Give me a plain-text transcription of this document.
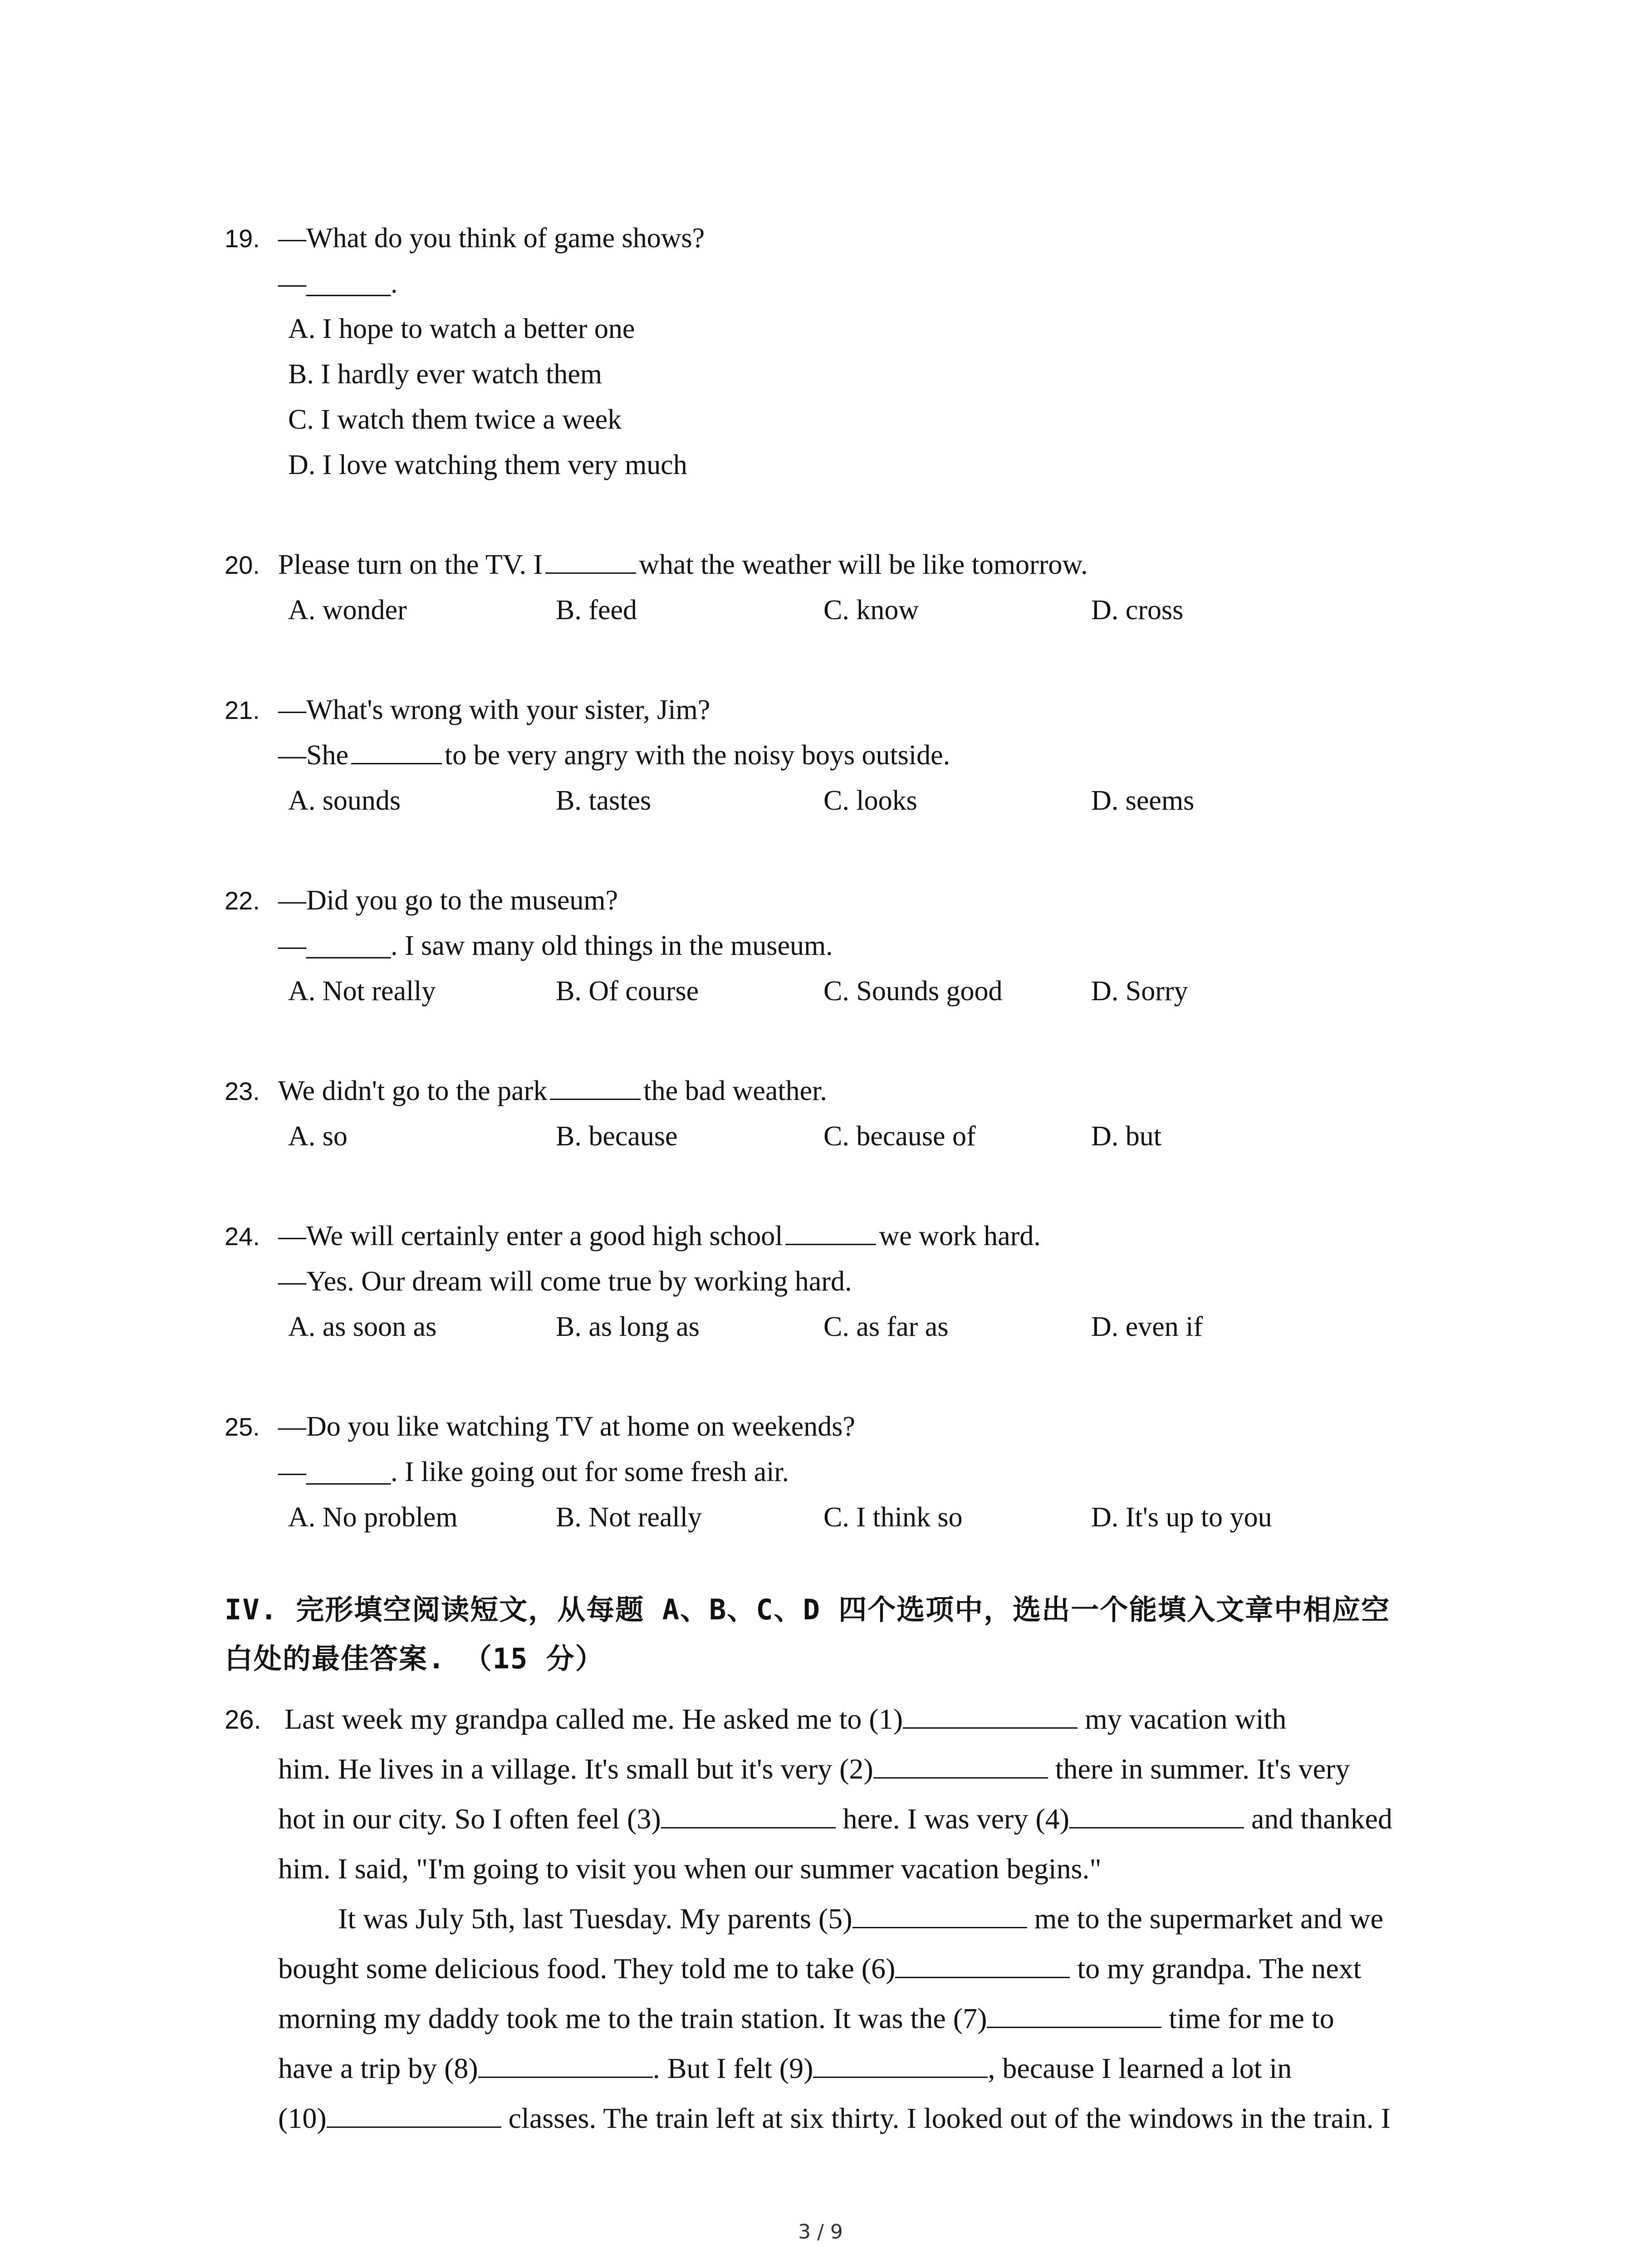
19. —What do you think of game shows?
—______.
A. I hope to watch a better one
B. I hardly ever watch them
C. I watch them twice a week
D. I love watching them very much
20. Please turn on the TV. I	what the weather will be like tomorrow.
A. wonder	B. feed	C. know	D. cross
21. —What's wrong with your sister, Jim?
—She	to be very angry with the noisy boys outside.
A. sounds	B. tastes	C. looks	D. seems
22. —Did you go to the museum?
—______. I saw many old things in the museum.
A. Not really	B. Of course	C. Sounds good	D. Sorry
23. We didn't go to the park	the bad weather.
A. so	B. because	C. because of	D. but
24. —We will certainly enter a good high school	we work hard.
—Yes. Our dream will come true by working hard.
A. as soon as	B. as long as	C. as far as	D. even if
25. —Do you like watching TV at home on weekends?
—______. I like going out for some fresh air.
A. No problem	B. Not really	C. I think so	D. It's up to you
IV. 完形填空阅读短文，从每题 A、B、C、D 四个选项中，选出一个能填入文章中相应空
白处的最佳答案. （15 分）
26. Last week my grandpa called me. He asked me to (1)	my vacation with
him. He lives in a village. It's small but it's very (2)	there in summer. It's very
hot in our city. So I often feel (3)	here. I was very (4)	and thanked
him. I said, "I'm going to visit you when our summer vacation begins."
It was July 5th, last Tuesday. My parents (5)	me to the supermarket and we
bought some delicious food. They told me to take (6)	to my grandpa. The next
morning my daddy took me to the train station. It was the (7)	time for me to
have a trip by (8)	. But I felt (9)	, because I learned a lot in
(10)	classes. The train left at six thirty. I looked out of the windows in the train. I
3 / 9
